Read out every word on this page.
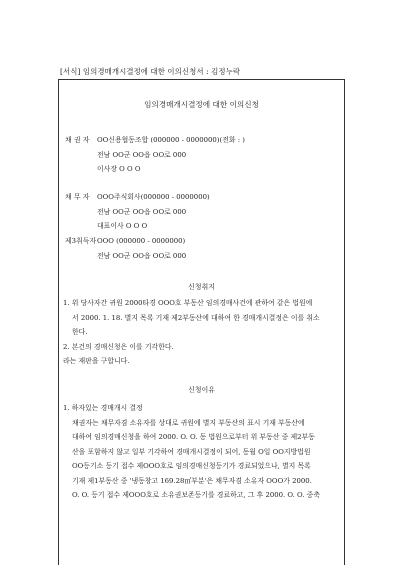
[서식] 임의경매개시결정에 대한 이의신청서 : 김정누락
임의경매개시결정에 대한 이의신청
채 권 자	OO신용협동조합 (000000 - 0000000)(전화 : )
전남 OO군 OO읍 OO로 000
이사장 O O O
채 무 자	OOO주식회사(000000 - 0000000)
전남 OO군 OO읍 OO로 000
대표이사 O O O
제3취득자 OOO (000000 - 0000000)
전남 OO군 OO읍 OO로 000
신청취지

1. 위 당사자간 귀원 2000타경 OOO호 부동산 임의경매사건에 관하여 같은 법원에

서 2000. 1. 18. 별지 목록 기재 제2부동산에 대하여 한 경매개시결정은 이를 취소

한다.

2. 본건의 경매신청은 이를 기각한다.

라는 재판을 구합니다.

신청이유

1. 하자있는 경매개시 결정

채권자는 채무자겸 소유자를 상대로 귀원에 별지 부동산의 표시 기재 부동산에

대하여 임의경매신청을 하여 2000. O. O. 동 법원으로부터 위 부동산 중 제2부동

산을 포함하지 않고 일부 기각하여 경매개시결정이 되어, 동월 O일 OO지방법원

OO등기소 등기 접수 제OOO호로 임의경매신청등기가 경료되었으나, 별지 목록

기재 제1부동산 중 '냉동창고 169.28㎡부분'은 채무자겸 소유자 OOO가 2000.

O. O. 등기 접수 제OOO호로 소유권보존등기를 경료하고, 그 후 2000. O. O. 중축
